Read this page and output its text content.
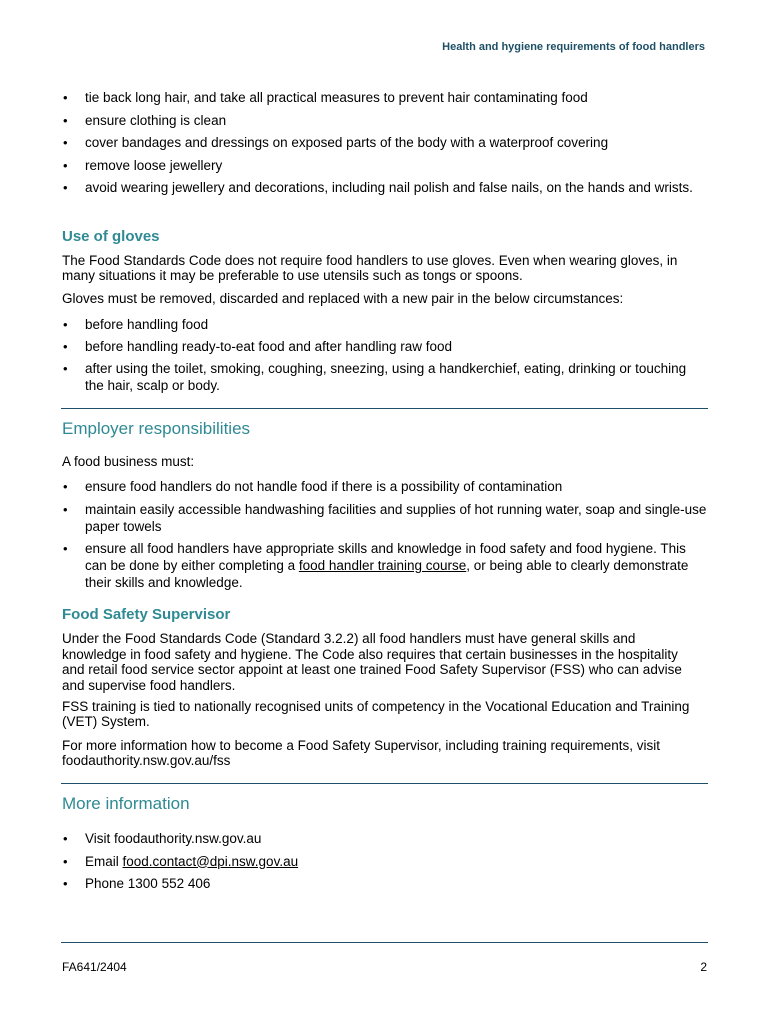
Health and hygiene requirements of food handlers
• tie back long hair, and take all practical measures to prevent hair contaminating food
• ensure clothing is clean
• cover bandages and dressings on exposed parts of the body with a waterproof covering
• remove loose jewellery
• avoid wearing jewellery and decorations, including nail polish and false nails, on the hands and wrists.
Use of gloves

The Food Standards Code does not require food handlers to use gloves. Even when wearing gloves, in many situations it may be preferable to use utensils such as tongs or spoons.

Gloves must be removed, discarded and replaced with a new pair in the below circumstances:

• before handling food
• before handling ready-to-eat food and after handling raw food
• after using the toilet, smoking, coughing, sneezing, using a handkerchief, eating, drinking or touching the hair, scalp or body.
Employer responsibilities

A food business must:

• ensure food handlers do not handle food if there is a possibility of contamination
• maintain easily accessible handwashing facilities and supplies of hot running water, soap and single-use paper towels
• ensure all food handlers have appropriate skills and knowledge in food safety and food hygiene. This can be done by either completing a food handler training course, or being able to clearly demonstrate their skills and knowledge.
Food Safety Supervisor

Under the Food Standards Code (Standard 3.2.2) all food handlers must have general skills and knowledge in food safety and hygiene. The Code also requires that certain businesses in the hospitality and retail food service sector appoint at least one trained Food Safety Supervisor (FSS) who can advise and supervise food handlers.

FSS training is tied to nationally recognised units of competency in the Vocational Education and Training (VET) System.

For more information how to become a Food Safety Supervisor, including training requirements, visit foodauthority.nsw.gov.au/fss

More information
• Visit foodauthority.nsw.gov.au
• Email food.contact@dpi.nsw.gov.au
• Phone 1300 552 406
FA641/2404	2
